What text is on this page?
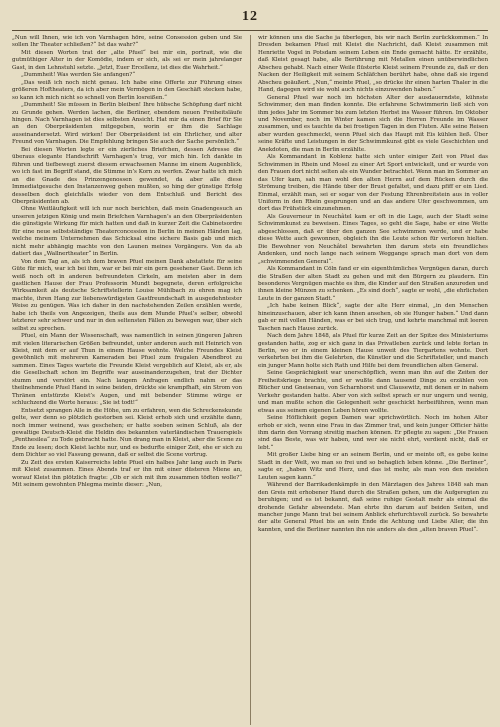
12

„Nun will Ihnen, wie ich von Varnhagen höre, seine Consession geben und Sie sollen Ihr Theater schließen?“ Ist das wahr?“

Mit diesen Worten trat der „alte Pfuel“ bei mir ein, portrait, wie die gutmüthiger Alter in der Komödie, indem er sich, als sei er mein jahrelanger Gast, in den Lehnstuhl setzte. „Jetzt, Euer Ercellenz, ist dies die Wahrheit.“

„Dummheit! Was werden Sie anfangen?“

„Das weiß ich noch nicht genau. Ich habe eine Offerte zur Führung eines größeren Hoftheaters, da ich aber mein Vermögen in den Geschäft stecken habe, so kann ich mich nicht so schnell von Berlin losreißen.“

„Dummheit! Sie müssen in Berlin bleiben! Ihre hübsche Schöpfung darf nicht zu Grunde gehen. Werden lachen, die Berliner, ebendem neuen Freiheitsläufe hingen. Nach Varnhagen ist dies selbsten Ansicht. Hat mir da einen Brief für Sie an den Oberpräsidenten mitgegeben, worin er ihm die Sachlage auseinandersetzt. Wird wirken! Der Oberpräsident ist ein Ehrlicher, und alter Freund von Varnhagen. Die Empfehlung bringen Sie auch der Sache persönlich.“

Bei diesen Worten legte er ein zierliches Briefchen, dessen Adresse die überaus elegante Handschrift Varnhagen’s trug, vor mich hin. Ich dankte in führen und tiefbewegt zuerst diesem erwachsenen Manne im einem Augenblick, wo ich fast im Begriff stand, die Stimme in’s Korn zu werfen. Zwar hatte ich mich an die Gnade des Prinzengenossen gewendet, da aber alle diese Immediatgesuche den Instanzenweg gehen mußten, so hing der günstige Erfolg desselben doch gleichfalls wieder von dem Entschluß und Bericht des Oberpräsidenten ab.

Ohne Weitläufigkeit will ich nur noch berichten, daß mein Gnadengesuch an unseren jetzigen König und mein Briefchen Varnhagen’s an den Oberpräsidenten die günstigste Wirkung für mich hatten und daß in kurzer Zeit die Cabinetsordre für eine neue selbstständige Theaterconcession in Berlin in meinen Händen lag, welche meinem Unternehmen das Schicksal eine sichere Basis gab und mich nicht mehr abhängig machte von den Launen meines Vorgängers. Von da ab datiert das „Wallnertheater“ in Berlin.

Von dem Tag an, als ich dem braven Pfuel meinen Dank abstattete für seine Güte für mich, war ich bei ihm, war er bei mir ein gern gesehener Gast. Denn ich weiß noch oft in anderen befreundeten Cirkeln, am meisten aber in dem gastlichen Hause der Frau Professorin Mundt begegnete, deren erfolgreiche Wirksamkeit als deutsche Schriftstellerin Louise Mühlbach zu ehren mag ich machte, ihren Hang zur liebenswürdigsten Gastfreundschaft in ausgedehntester Weise zu genügen. Was ich daher in den nachstehenden Zeilen erzählen werde, habe ich theils von Angezeigen, theils aus dem Munde Pfuel’s selber, obwohl letzterer sehr schwer und nur in den seltensten Fällen zu bewegen war, über sich selbst zu sprechen.

Pfuel, ein Mann der Wissenschaft, was namentlich in seinen jüngeren Jahren mit vielen literarischen Größen befreundet, unter anderen auch mit Heinrich von Kleist, mit dem er auf Thun in einem Hause wohnte. Welche Freundes Kleist gewöhnlich mit mehreren Kameraden bei Pfuel zum frugalen Abendbrot zu sammen. Eines Tages wartete die Freunde Kleist vergeblich auf Kleist, als er, als die Gesellschaft schon im Begriffe war auseinanderzugehen, trat der Dichter stumm und verstört ein. Nach langem Anfragen endlich nahm er das theilnehmende Pfuel Hand in seine beiden, drückte sie krampfhaft, ein Strom von Thränen entstürzte Kleist’s Augen, und mit bebender Stimme würge er schluchzend die Worte heraus: „Sie ist todt!“

Entsetzt sprangen Alle in die Höhe, um zu erfahren, wen die Schreckenskunde gelte, wer denn so plötzlich gestorben sei. Kleist erhob sich und erzählte dann, noch immer weinend, was geschehen; er hatte soeben seinen Schluß, als der gewaltige Deutsch-Kleist die Heldin des bekannten vaterländischen Trauerspiels „Penthesilea“ zu Tode gebracht hatte. Nun drang man in Kleist, aber die Scene zu Ende zu lesen; doch Kleist lachte nur, und es bedurfte einiger Zeit, ehe er sich zu dem Dichter so viel Fassung gewann, daß er selbst die Scene vortrug.

Zu Zeit des ersten Kaiserreichs lebte Pfuel ein halbes Jahr lang auch in Paris mit Kleist zusammen. Eines Abends traf er ihn mit einer düsteren Miene an, worauf Kleist ihn plötzlich fragte: „Ob er sich mit ihm zusammen tödten wolle?“ Mit seinem gewohnten Phlegma meinte dieser: „Nun,

wir können uns die Sache ja überlegen, bis wir nach Berlin zurückkommen.“ In Dresden bekamen Pfuel mit Kleist die Nachricht, daß Kleist zusammen mit Henriette Vogel in Potsdam seinem Leben ein Ende gemacht hätte. Er erzählte, daß Kleist gesagt habe, alle Berührung mit Metallen einen unüberwindlichen Abscheu gehabt. Nach einer Weile flüsterte Kleist seinem Freunde zu, daß er den Nacken der Heiligkeit mit seinem Schläfchen berührt habe, ohne daß sie irgend Abscheu geäußert. „Nun,“ meinte Pfuel, „so drücke ihr einen harten Thaler in die Hand, dagegen wird sie wohl auch nichts einzuwenden haben.“

General Pfuel war noch im höchsten Alter der ausdauerndste, kühnste Schwimmer, den man finden konnte. Die erfahrene Schwimmerin ließ sich von ihm jedes Jahr im Sommer bis zum letzten Herbst ins Wasser führen. Im Oktober und November, noch im Winter kamen sich die Herren Freunde im Wasser zusammen, und es tauchte da bei frostigen Tagen in den Fluten. Alle seine Reisen aber wurden geschmeckt, wenn Pfuel sich das Haupt mit Eis kühlen ließ. Über seine Kräfte und Leistungen in der Schwimmkunst gibt es viele Geschichten und Anekdoten, die man in Berlin erzählte.

Als Kommandant in Koblenz hatte sich unter einiger Zeit von Pfuel das Schwimmen in Rhein und Mosel zu einer Art Sport entwickelt, und er wurde von den Frauen dort nicht selten als ein Wunder betrachtet. Wenn man im Sommer an das Ufer kam, sah man wohl den alten Herrn auf dem Rücken durch die Strömung treiben, die Hände über der Brust gefaltet, und dazu pfiff er ein Lied. Einmal, erzählt man, sei er sogar von der Festung Ehrenbreitstein aus in voller Uniform in den Rhein gesprungen und an das andere Ufer geschwommen, um dort das Frühstück einzunehmen.

Als Gouverneur in Neuchâtel kam er oft in die Lage, auch der Stadt seine Schwimmkunst zu beweisen. Eines Tages, so geht die Sage, habe er eine Wette abgeschlossen, daß er über den ganzen See schwimmen werde, und er habe diese Wette auch gewonnen, obgleich ihn die Leute schon für verloren hielten. Die Bewohner von Neuchâtel bewahrten ihm darum stets ein freundliches Andenken, und noch lange nach seinem Weggange sprach man dort von dem „schwimmenden General“.

Als Kommandant in Cöln fand er ein eigenthümliches Vergnügen daran, durch die Straßen der alten Stadt zu gehen und mit den Bürgern zu plaudern. Ein besonderes Vergnügen machte es ihm, die Kinder auf den Straßen anzureden und ihnen kleine Münzen zu schenken. „Es sind doch“, sagte er wohl, „die ehrlichsten Leute in der ganzen Stadt.“

„Ich habe keinen Blick“, sagte der alte Herr einmal, „in den Menschen hineinzuschauen, aber ich kann ihnen ansehen, ob sie Hunger haben.“ Und dann gab er mit vollen Händen, was er bei sich trug, und kehrte manchmal mit leeren Taschen nach Hause zurück.

Nach dem Jahre 1848, als Pfuel für kurze Zeit an der Spitze des Ministeriums gestanden hatte, zog er sich ganz in das Privatleben zurück und lebte fortan in Berlin, wo er in einem kleinen Hause unweit des Tiergartens wohnte. Dort verkehrten bei ihm die Gelehrten, die Künstler und die Schriftsteller, und manch ein junger Mann holte sich Rath und Hilfe bei dem freundlichen alten General.

Seine Gesprächigkeit war unerschöpflich, wenn man ihn auf die Zeiten der Freiheitskriege brachte, und er wußte dann tausend Dinge zu erzählen von Blücher und Gneisenau, von Scharnhorst und Clausewitz, mit denen er in nahem Verkehr gestanden hatte. Aber von sich selbst sprach er nur ungern und wenig, und man mußte schon die Gelegenheit sehr geschickt herbeiführen, wenn man etwas aus seinem eigenen Leben hören wollte.

Seine Höflichkeit gegen Damen war sprichwörtlich. Noch im hohen Alter erhob er sich, wenn eine Frau in das Zimmer trat, und kein junger Officier hätte ihm darin den Vorrang streitig machen können. Er pflegte zu sagen: „Die Frauen sind das Beste, was wir haben, und wer sie nicht ehrt, verdient nicht, daß er lebt.“

Mit großer Liebe hing er an seinem Berlin, und er meinte oft, es gebe keine Stadt in der Welt, wo man so frei und so behaglich leben könne. „Die Berliner“, sagte er, „haben Witz und Herz, und das ist mehr, als man von den meisten Leuten sagen kann.“

Während der Barrikadenkämpfe in den Märztagen des Jahres 1848 sah man den Greis mit erhobener Hand durch die Straßen gehen, um die Aufgeregten zu beruhigen; und es ist bekannt, daß seine ruhige Gestalt mehr als einmal die drohende Gefahr abwendete. Man ehrte ihn darum auf beiden Seiten, und mancher junge Mann trat bei seinem Anblick ehrfurchtsvoll zurück. So bewahrte der alte General Pfuel bis an sein Ende die Achtung und Liebe Aller, die ihn kannten, und die Berliner nannten ihn nie anders als den „alten braven Pfuel“.
